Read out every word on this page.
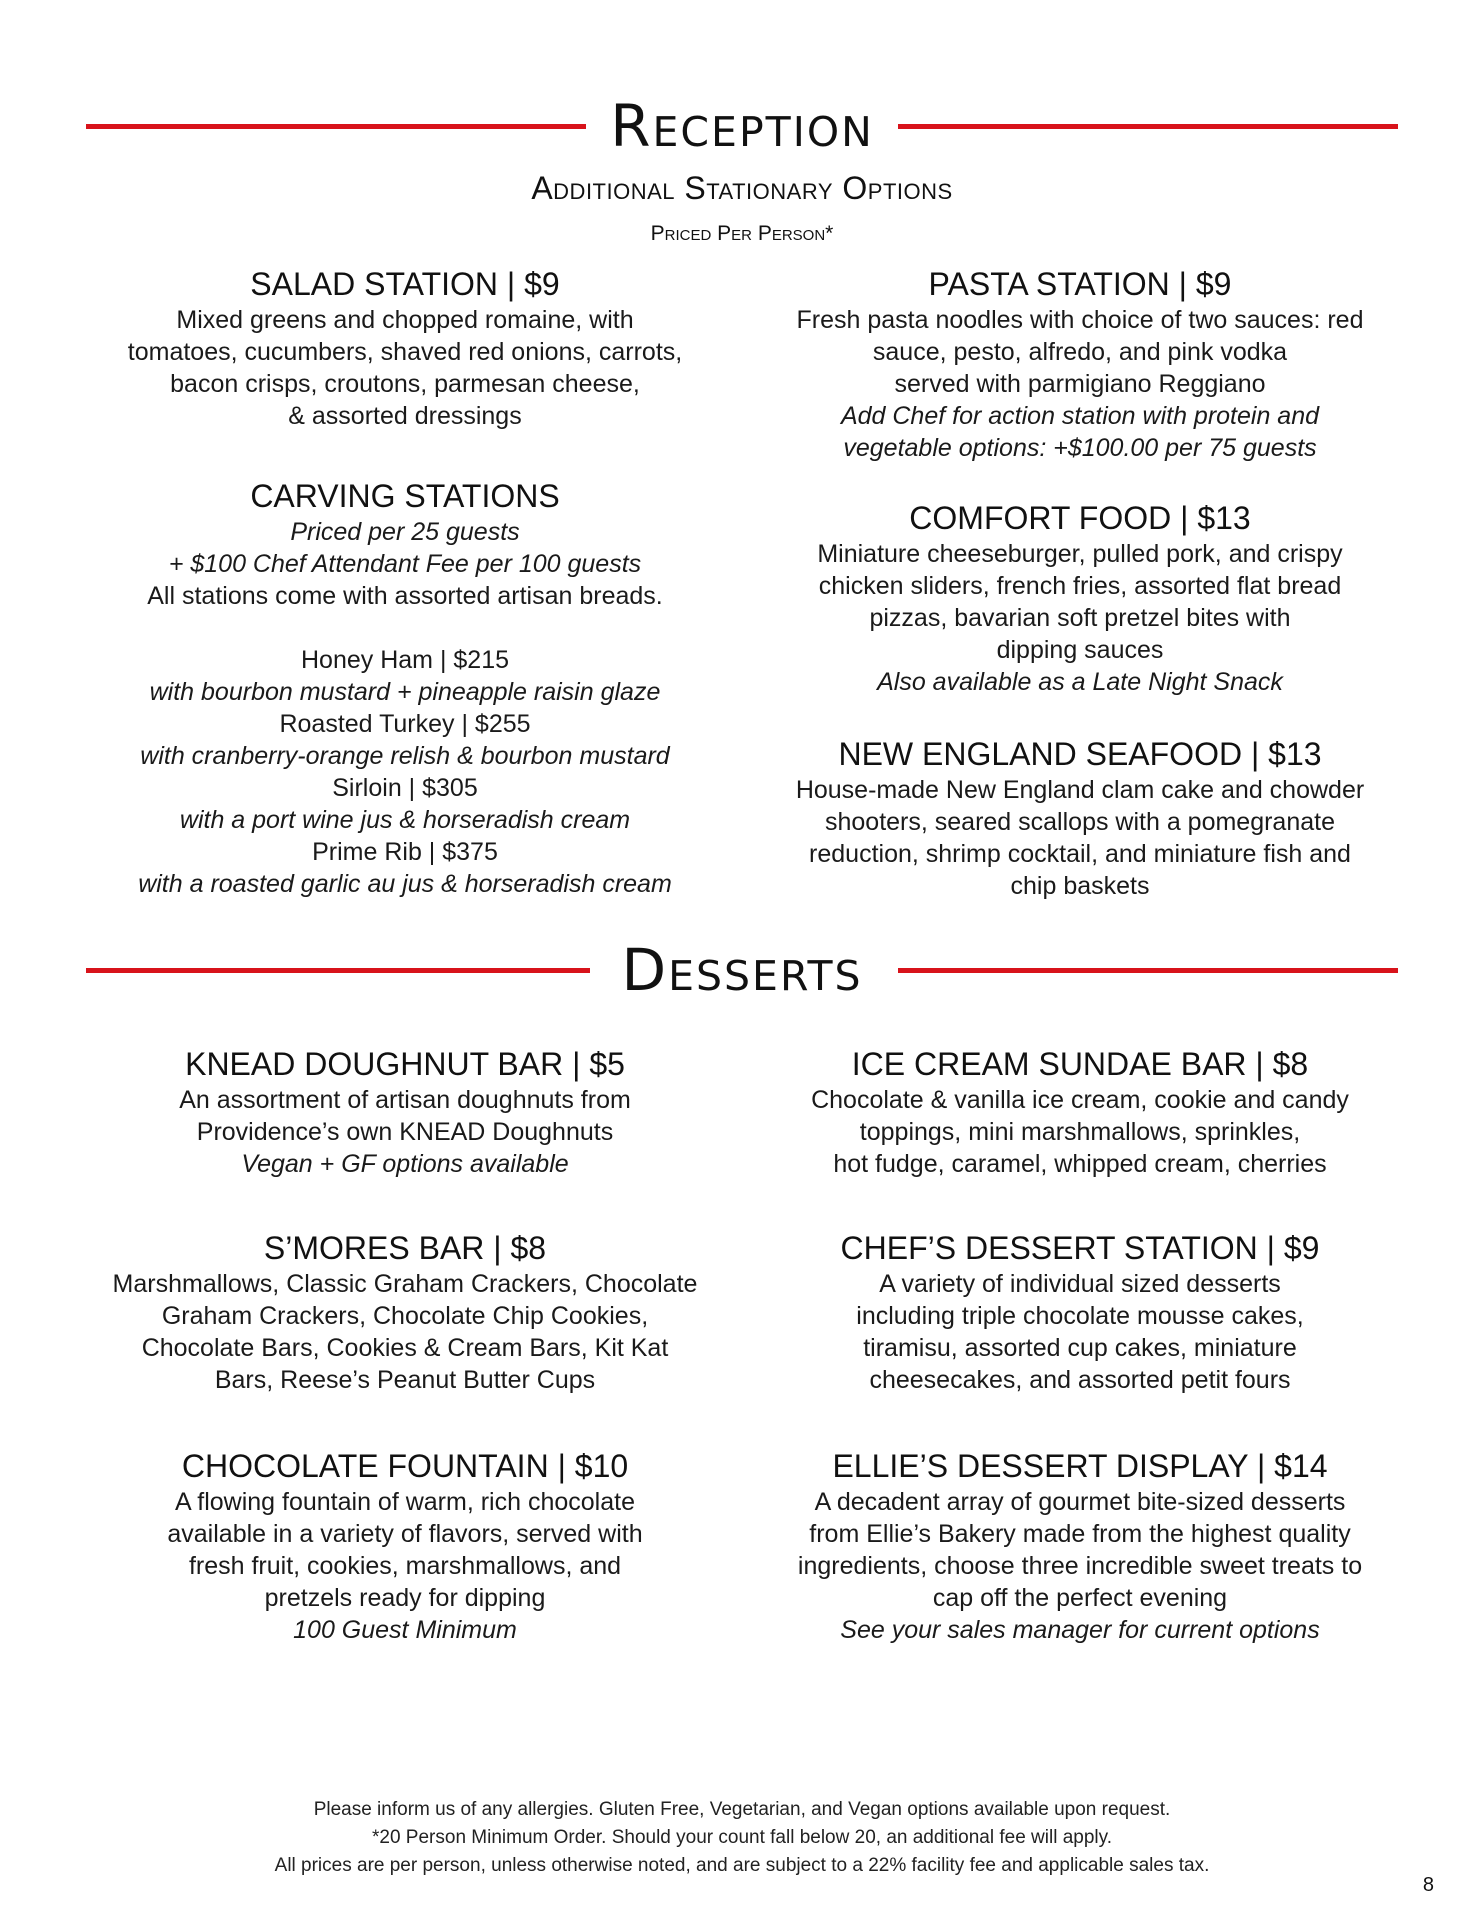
Reception
Additional Stationary Options
Priced Per Person*
SALAD STATION | $9
Mixed greens and chopped romaine, with
tomatoes, cucumbers, shaved red onions, carrots,
bacon crisps, croutons, parmesan cheese,
& assorted dressings
CARVING STATIONS
Priced per 25 guests
+ $100 Chef Attendant Fee per 100 guests
All stations come with assorted artisan breads.
Honey Ham | $215
with bourbon mustard + pineapple raisin glaze
Roasted Turkey | $255
with cranberry-orange relish & bourbon mustard
Sirloin | $305
with a port wine jus & horseradish cream
Prime Rib | $375
with a roasted garlic au jus & horseradish cream
PASTA STATION | $9
Fresh pasta noodles with choice of two sauces: red
sauce, pesto, alfredo, and pink vodka
served with parmigiano Reggiano
Add Chef for action station with protein and
vegetable options: +$100.00 per 75 guests
COMFORT FOOD | $13
Miniature cheeseburger, pulled pork, and crispy
chicken sliders, french fries, assorted flat bread
pizzas, bavarian soft pretzel bites with
dipping sauces
Also available as a Late Night Snack
NEW ENGLAND SEAFOOD | $13
House-made New England clam cake and chowder
shooters, seared scallops with a pomegranate
reduction, shrimp cocktail, and miniature fish and
chip baskets
Desserts
KNEAD DOUGHNUT BAR | $5
An assortment of artisan doughnuts from
Providence’s own KNEAD Doughnuts
Vegan + GF options available
S’MORES BAR | $8
Marshmallows, Classic Graham Crackers, Chocolate
Graham Crackers, Chocolate Chip Cookies,
Chocolate Bars, Cookies & Cream Bars, Kit Kat
Bars, Reese’s Peanut Butter Cups
CHOCOLATE FOUNTAIN | $10
A flowing fountain of warm, rich chocolate
available in a variety of flavors, served with
fresh fruit, cookies, marshmallows, and
pretzels ready for dipping
100 Guest Minimum
ICE CREAM SUNDAE BAR | $8
Chocolate & vanilla ice cream, cookie and candy
toppings, mini marshmallows, sprinkles,
hot fudge, caramel, whipped cream, cherries
CHEF’S DESSERT STATION | $9
A variety of individual sized desserts
including triple chocolate mousse cakes,
tiramisu, assorted cup cakes, miniature
cheesecakes, and assorted petit fours
ELLIE’S DESSERT DISPLAY | $14
A decadent array of gourmet bite-sized desserts
from Ellie’s Bakery made from the highest quality
ingredients, choose three incredible sweet treats to
cap off the perfect evening
See your sales manager for current options
Please inform us of any allergies. Gluten Free, Vegetarian, and Vegan options available upon request.
*20 Person Minimum Order. Should your count fall below 20, an additional fee will apply.
All prices are per person, unless otherwise noted, and are subject to a 22% facility fee and applicable sales tax.
8
